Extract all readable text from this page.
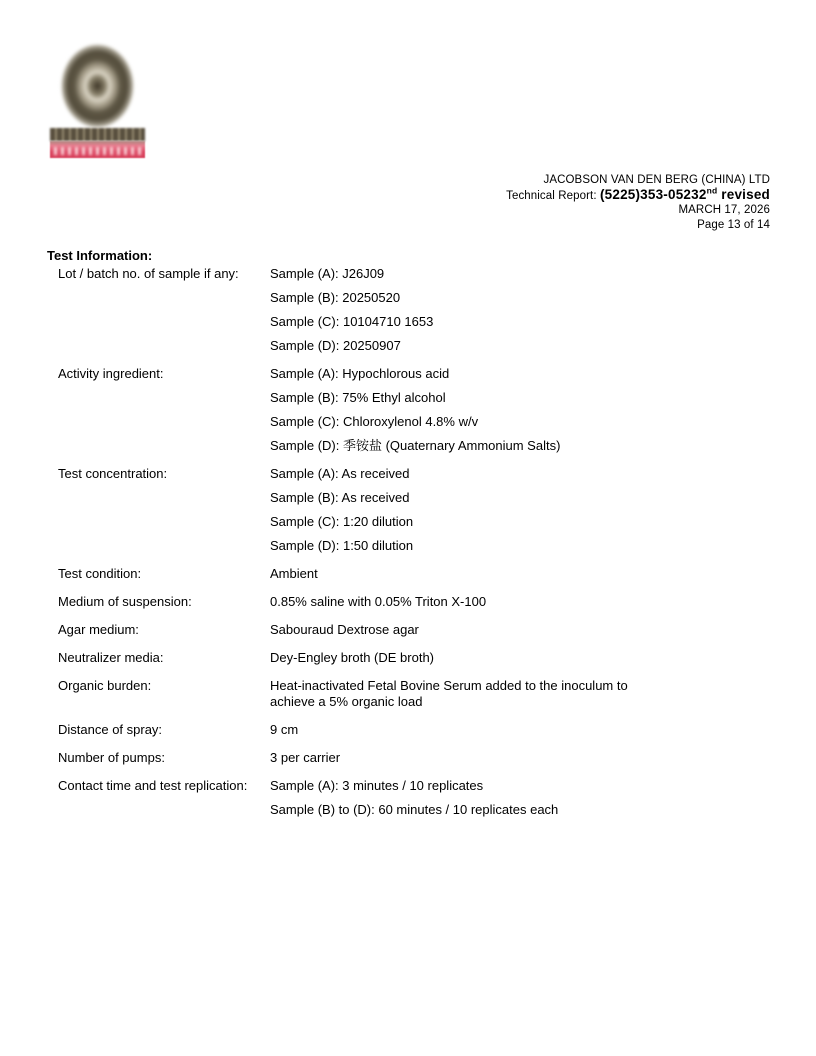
JACOBSON VAN DEN BERG (CHINA) LTD
Technical Report: (5225)353-05232nd revised
MARCH 17, 2026
Page 13 of 14
Test Information:
Lot / batch no. of sample if any:	Sample (A): J26J09

Sample (B): 20250520

Sample (C): 10104710 1653

Sample (D): 20250907

Activity ingredient:	Sample (A): Hypochlorous acid

Sample (B): 75% Ethyl alcohol

Sample (C): Chloroxylenol 4.8% w/v

Sample (D): 季铵盐 (Quaternary Ammonium Salts)

Test concentration:	Sample (A): As received

Sample (B): As received

Sample (C): 1:20 dilution

Sample (D): 1:50 dilution

Test condition:	Ambient

Medium of suspension:	0.85% saline with 0.05% Triton X-100

Agar medium:	Sabouraud Dextrose agar

Neutralizer media:	Dey-Engley broth (DE broth)

Organic burden:	Heat-inactivated Fetal Bovine Serum added to the inoculum to achieve a 5% organic load

Distance of spray:	9 cm

Number of pumps:	3 per carrier

Contact time and test replication:	Sample (A): 3 minutes / 10 replicates

Sample (B) to (D): 60 minutes / 10 replicates each
